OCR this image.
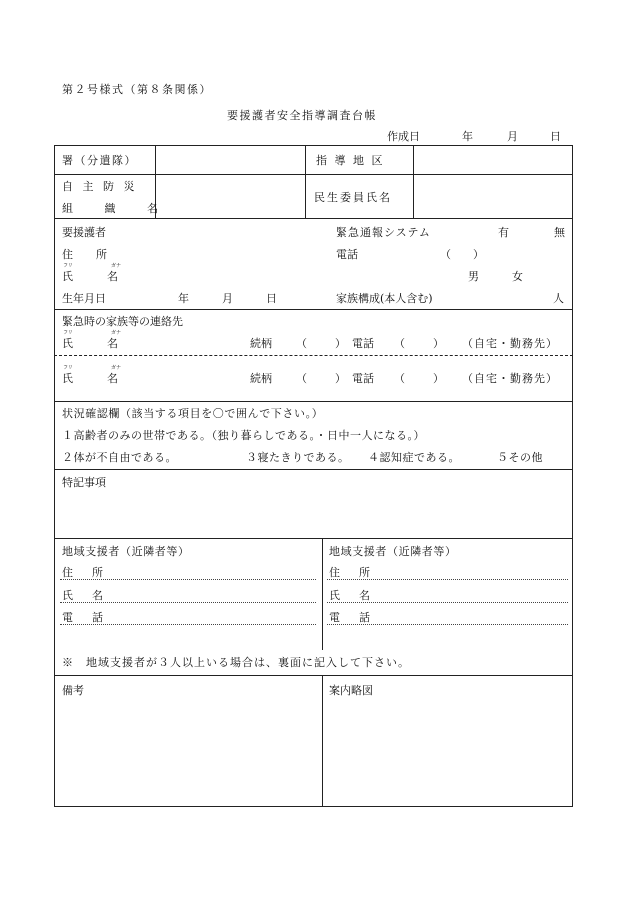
第２号様式（第８条関係）
要援護者安全指導調査台帳
作成日	年	月	日
署（分遣隊）	指 導 地 区
自 主 防 災
組 織 名
民生委員氏名
要援護者	緊急通報システム	有	無
住　所	電話	（　　）
フリ	ガナ
氏　　名	男	女
生年月日	年	月	日	家族構成(本人含む)	人
緊急時の家族等の連絡先
フリ	ガナ
氏　　名	続柄 （　　） 電話 （　　） （自宅・勤務先）
フリ	ガナ
氏　　名	続柄 （　　） 電話 （　　） （自宅・勤務先）
状況確認欄（該当する項目を〇で囲んで下さい。）
１高齢者のみの世帯である。（独り暮らしである。・日中一人になる。）
２体が不自由である。	３寝たきりである。 ４認知症である。	５その他
特記事項
地域支援者（近隣者等）
住　所
氏　名
電　話
地域支援者（近隣者等）
住　所
氏　名
電　話
※　地域支援者が３人以上いる場合は、裏面に記入して下さい。
備考	案内略図
